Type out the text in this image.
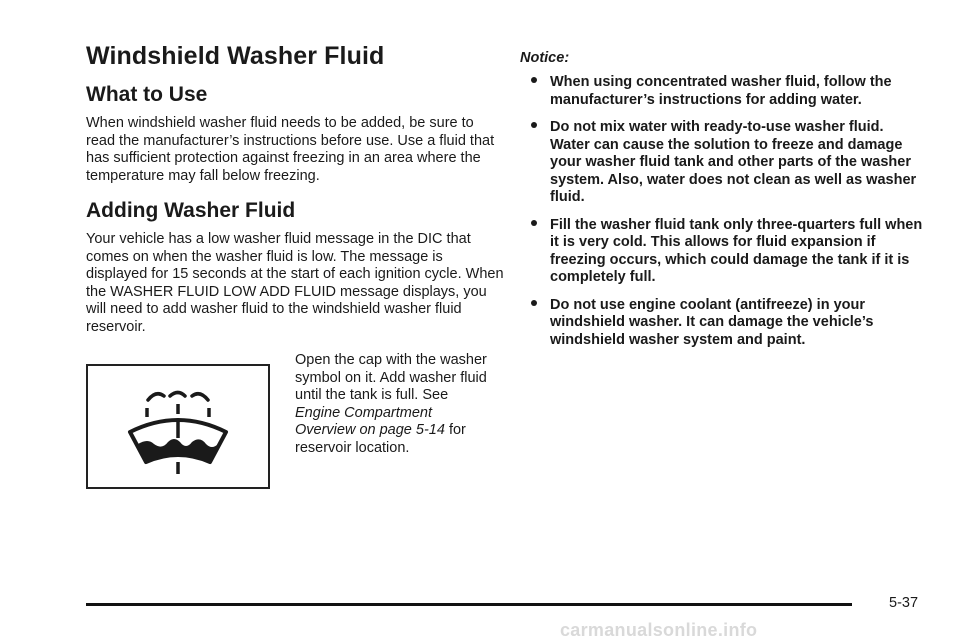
Windshield Washer Fluid
What to Use

When windshield washer fluid needs to be added, be sure to read the manufacturer’s instructions before use. Use a fluid that has sufficient protection against freezing in an area where the temperature may fall below freezing.

Adding Washer Fluid

Your vehicle has a low washer fluid message in the DIC that comes on when the washer fluid is low. The message is displayed for 15 seconds at the start of each ignition cycle. When the WASHER FLUID LOW ADD FLUID message displays, you will need to add washer fluid to the windshield washer fluid reservoir.

Open the cap with the washer symbol on it. Add washer fluid until the tank is full. See Engine Compartment Overview on page 5-14 for reservoir location.
Notice:
When using concentrated washer fluid, follow the manufacturer’s instructions for adding water.
Do not mix water with ready-to-use washer fluid. Water can cause the solution to freeze and damage your washer fluid tank and other parts of the washer system. Also, water does not clean as well as washer fluid.
Fill the washer fluid tank only three-quarters full when it is very cold. This allows for fluid expansion if freezing occurs, which could damage the tank if it is completely full.
Do not use engine coolant (antifreeze) in your windshield washer. It can damage the vehicle’s windshield washer system and paint.
5-37
carmanualsonline.info
